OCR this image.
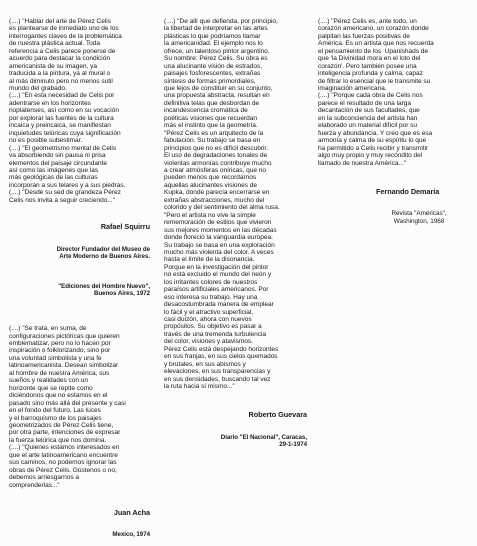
(....) "Hablar del arte de Pérez Celis
es plantearse de inmediato uno de los
interrogantes claves de la problemática
de nuestra plástica actual. Toda
referencia a Celis parece ponerse de
acuerdo para destacar la condición
americanista de su imagen, ya
traducida a la pintura, ya al mural o
al más diminuto pero no menos sutil
mundo del grabado.
(....) "En esta necesidad de Celis por
adentrarse en los horizontes
rioplatenses, así como en su vocación
por explorar las fuentes de la cultura
incaica y preincaica, se manifiestan
inquietudes telúricas cuya significación
no es posible subestimar.
(....) "El geometrismo mental de Celis
va absorbiendo sin pausa ni prisa
elementos del paisaje circundante
así como las imágenes que las
más geológicas de las culturas
incorporan a sus telares y a sus piedras.
(....) "Desde su sed de grandeza Pérez
Celis nos invita a seguir creciendo..."

Rafael Squirru

Director Fundador del Museo de
Arte Moderno de Buenos Aires.

"Ediciones del Hombre Nuevo",
Buenos Aires, 1972

(....) "Se trata, en suma, de
configuraciones pictóricas que quieren
emblematizar, pero no lo hacen por
inspiración o folklorizando, sino por
una voluntad simbolista y una fe
latinoamericanista. Desean simbolizar
al hombre de nuestra América, sus
sueños y realidades con un
horizonte que se repite como
diciéndonos que no estamos en el
pasado sino más allá del presente y casi
en el fondo del futuro. Las luces
y el barroquismo de los paisajes
geometrizados de Pérez Celis tiene,
por otra parte, intenciones de expresar
la fuerza telúrica que nos domina.
(....) "Quienes estamos interesados en
que el arte latinoamericano encuentre
sus caminos, no podemos ignorar las
obras de Pérez Celis. Gústenos o no,
debemos arriesgarnos a
comprenderlas..."

Juan Acha

Mexico, 1974

(....) "De allí que defienda, por principio,
la libertad de interpretar en las artes
plásticas lo que podríamos llamar
la americanidad. El ejemplo nos lo
ofrece, un talentoso pintor argentino.
Su nombre: Pérez Celis. Su obra es
una alucinante visión de estrados,
paisajes fosforescentes, extrañas
síntesis de formas primordiales,
que lejos de constituir en su conjunto,
una propuesta abstracta, resultan en
definitiva telas que desbordan de
incandescencia cromática de
poéticas visiones que recuerdan
más el instinto que la geometría.
"Pérez Celis es un arquitecto de la
fabulación. Su trabajo se basa en
principios que no es difícil descubrir.
El uso de degradaciones tonales de
violentas armonías contribuye mucho
a crear atmósferas oníricas, que no
pueden menos que recordarnos
aquellas alucinantes visiones de
Kupka, donde parecía encerrarse en
extrañas abstracciones, mucho del
colorido y del sentimiento del alma rusa.
"Pero el artista no vive la simple
rememoración de estilos que vivieron
sus mejores momentos en las décadas
donde floreció la vanguardia europea.
Su trabajo se basa en una exploración
mucho más violenta del color. A veces
hasta el límite de la disonancia.
Porque en la investigación del pintor
no está excluido el mundo del neón y
los irritantes colores de nuestros
paraísos artificiales americanos. Por
eso interesa su trabajo. Hay una
desacostumbrada manera de emplear
lo fácil y el atractivo superficial,
casi duizón, ahora con nuevos
propósitos. Su objetivo es pasar a
través de una tremenda turbulencia
del color, visiones y atavismos.
Pérez Celis está despejando horizontes
en sus franjas, en sus cielos quemados
y brutales, en sus abismos y
elevaciones, en sus transparencias y
en sus densidades, buscando tal vez
la ruta hacia sí mismo..."

Roberto Guevara

Diario "El Nacional", Caracas,
29-1-1974

(....) "Pérez Celis es, ante todo, un
corazón americano, un corazón donde
palpitan las fuerzas positivas de
América. Es un artista que nos recuerda
el pensamiento de los  Upanishads de
que 'la Divinidad mora en el loto del
corazón'. Pero también posee una
inteligencia profunda y calma, capaz
de filtrar lo esencial que le transmite su
imaginación americana.
(....) "Porque cada obra de Celis nos
parece el resultado de una larga
decantación de sus facultades, que
en la subconciencia del artista han
elaborado un material difícil por su
fuerza y abundancia. Y creo que es esa
armonía y calma de su espíritu lo que
ha permitido a Celis recibir y transmitir
algo muy propio y muy recóndito del
llamado de nuestra América..."

Fernando Demaria

Revista "Américas",
Washington, 1968
